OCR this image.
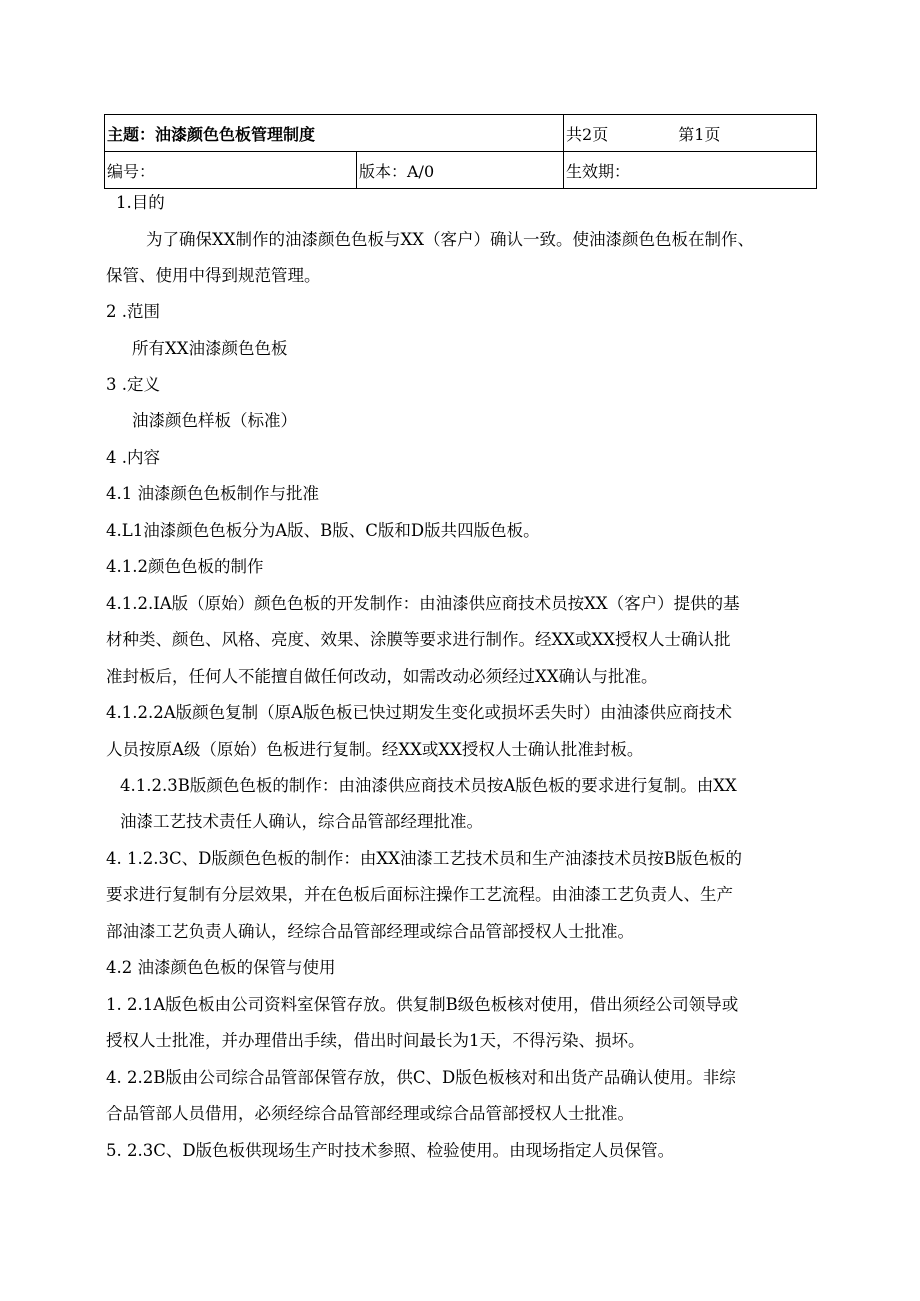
主题：油漆颜色色板管理制度		共2页 第1页
编号：	版本：A/0	生效期：

1.目的

为了确保XX制作的油漆颜色色板与XX（客户）确认一致。使油漆颜色色板在制作、

保管、使用中得到规范管理。

2 .范围

所有XX油漆颜色色板

3 .定义

油漆颜色样板（标准）

4 .内容

4.1 油漆颜色色板制作与批准

4.L1油漆颜色色板分为A版、B版、C版和D版共四版色板。

4.1.2颜色色板的制作

4.1.2.IA版（原始）颜色色板的开发制作：由油漆供应商技术员按XX（客户）提供的基

材种类、颜色、风格、亮度、效果、涂膜等要求进行制作。经XX或XX授权人士确认批

准封板后，任何人不能擅自做任何改动，如需改动必须经过XX确认与批准。

4.1.2.2A版颜色复制（原A版色板已快过期发生变化或损坏丢失时）由油漆供应商技术

人员按原A级（原始）色板进行复制。经XX或XX授权人士确认批准封板。

4.1.2.3B版颜色色板的制作：由油漆供应商技术员按A版色板的要求进行复制。由XX

油漆工艺技术责任人确认，综合品管部经理批准。

4. 1.2.3C、D版颜色色板的制作：由XX油漆工艺技术员和生产油漆技术员按B版色板的

要求进行复制有分层效果，并在色板后面标注操作工艺流程。由油漆工艺负责人、生产

部油漆工艺负责人确认，经综合品管部经理或综合品管部授权人士批准。

4.2 油漆颜色色板的保管与使用

1. 2.1A版色板由公司资料室保管存放。供复制B级色板核对使用，借出须经公司领导或

授权人士批准，并办理借出手续，借出时间最长为1天，不得污染、损坏。

4. 2.2B版由公司综合品管部保管存放，供C、D版色板核对和出货产品确认使用。非综

合品管部人员借用，必须经综合品管部经理或综合品管部授权人士批准。

5. 2.3C、D版色板供现场生产时技术参照、检验使用。由现场指定人员保管。
